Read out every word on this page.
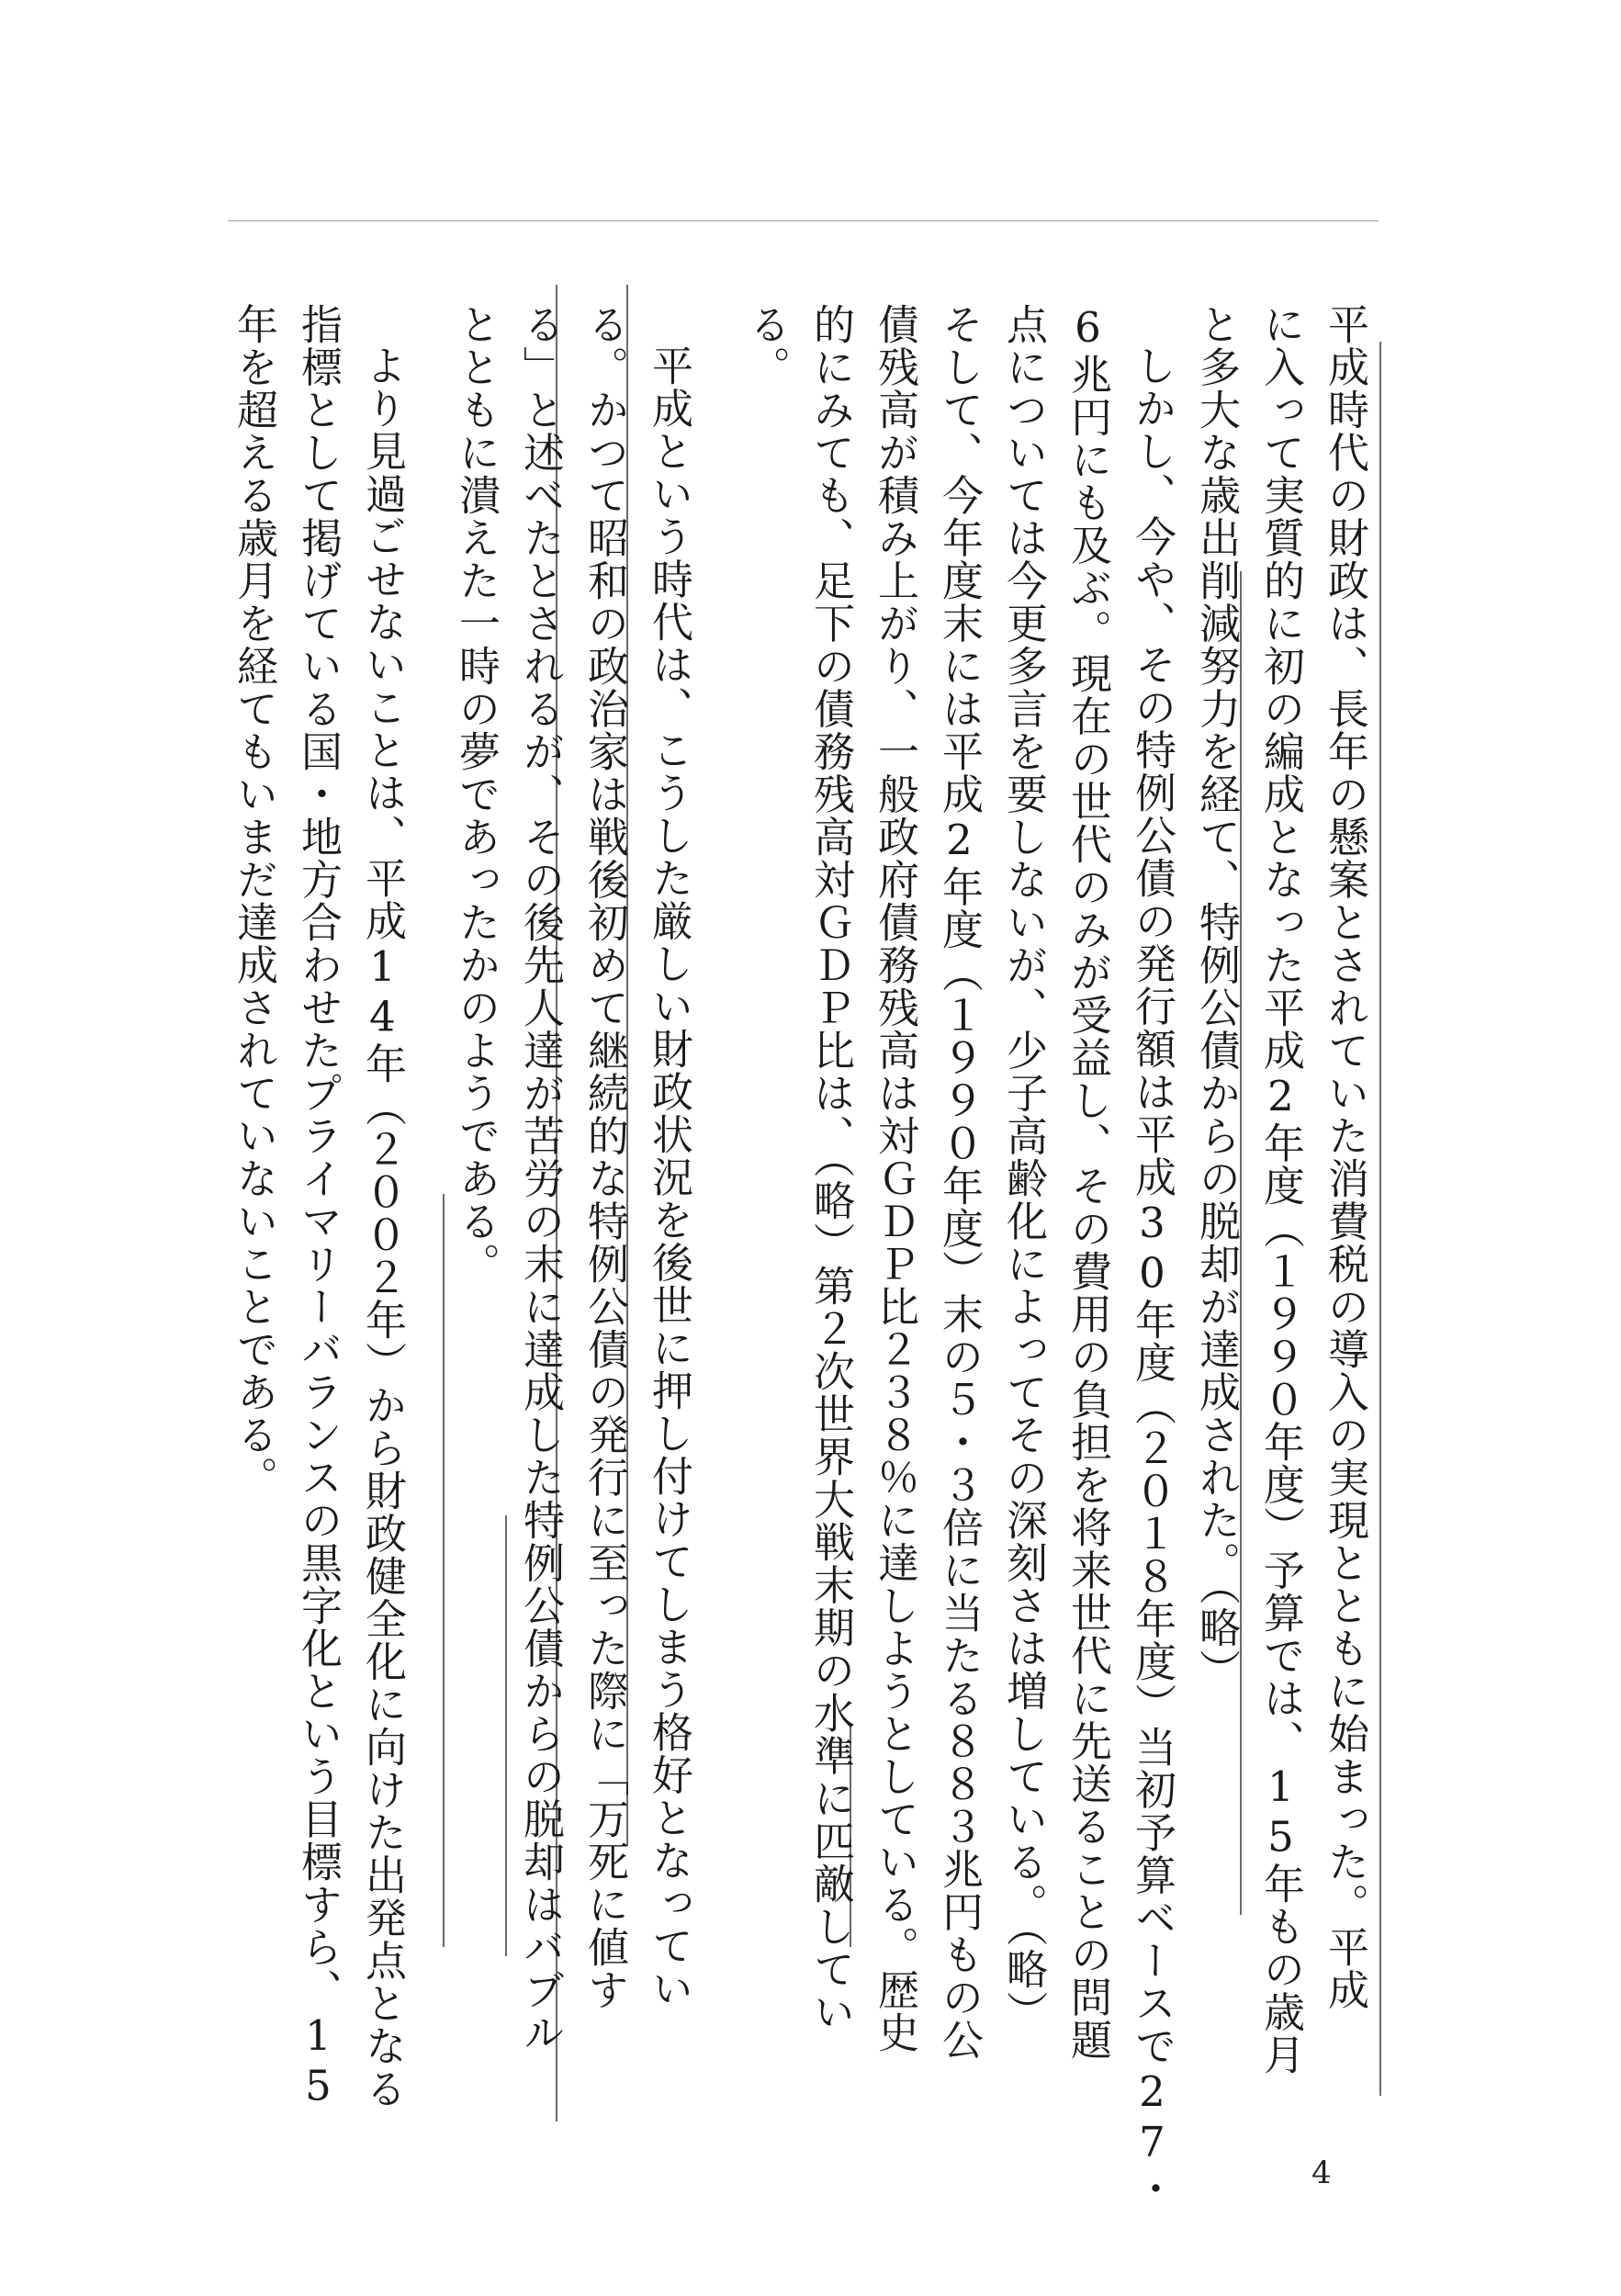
平成時代の財政は、長年の懸案とされていた消費税の導入の実現とともに始まった。平成
に入って実質的に初の編成となった平成2年度（１９９０年度）予算では、15年もの歳月
と多大な歳出削減努力を経て、特例公債からの脱却が達成された。（略）
しかし、今や、その特例公債の発行額は平成30年度（２０１８年度）当初予算ベースで27・
6兆円にも及ぶ。現在の世代のみが受益し、その費用の負担を将来世代に先送ることの問題
点については今更多言を要しないが、少子高齢化によってその深刻さは増している。（略）
そして、今年度末には平成2年度（１９９０年度）末の５・３倍に当たる８８３兆円もの公
債残高が積み上がり、一般政府債務残高は対ＧＤＰ比２３８％に達しようとしている。歴史
的にみても、足下の債務残高対ＧＤＰ比は、（略）第２次世界大戦末期の水準に匹敵してい
る。
平成という時代は、こうした厳しい財政状況を後世に押し付けてしまう格好となってい
る。かつて昭和の政治家は戦後初めて継続的な特例公債の発行に至った際に「万死に値す
る」と述べたとされるが、その後先人達が苦労の末に達成した特例公債からの脱却はバブル
とともに潰えた一時の夢であったかのようである。
より見過ごせないことは、平成14年（２００２年）から財政健全化に向けた出発点となる
指標として掲げている国・地方合わせたプライマリーバランスの黒字化という目標すら、15
年を超える歳月を経てもいまだ達成されていないことである。
4
